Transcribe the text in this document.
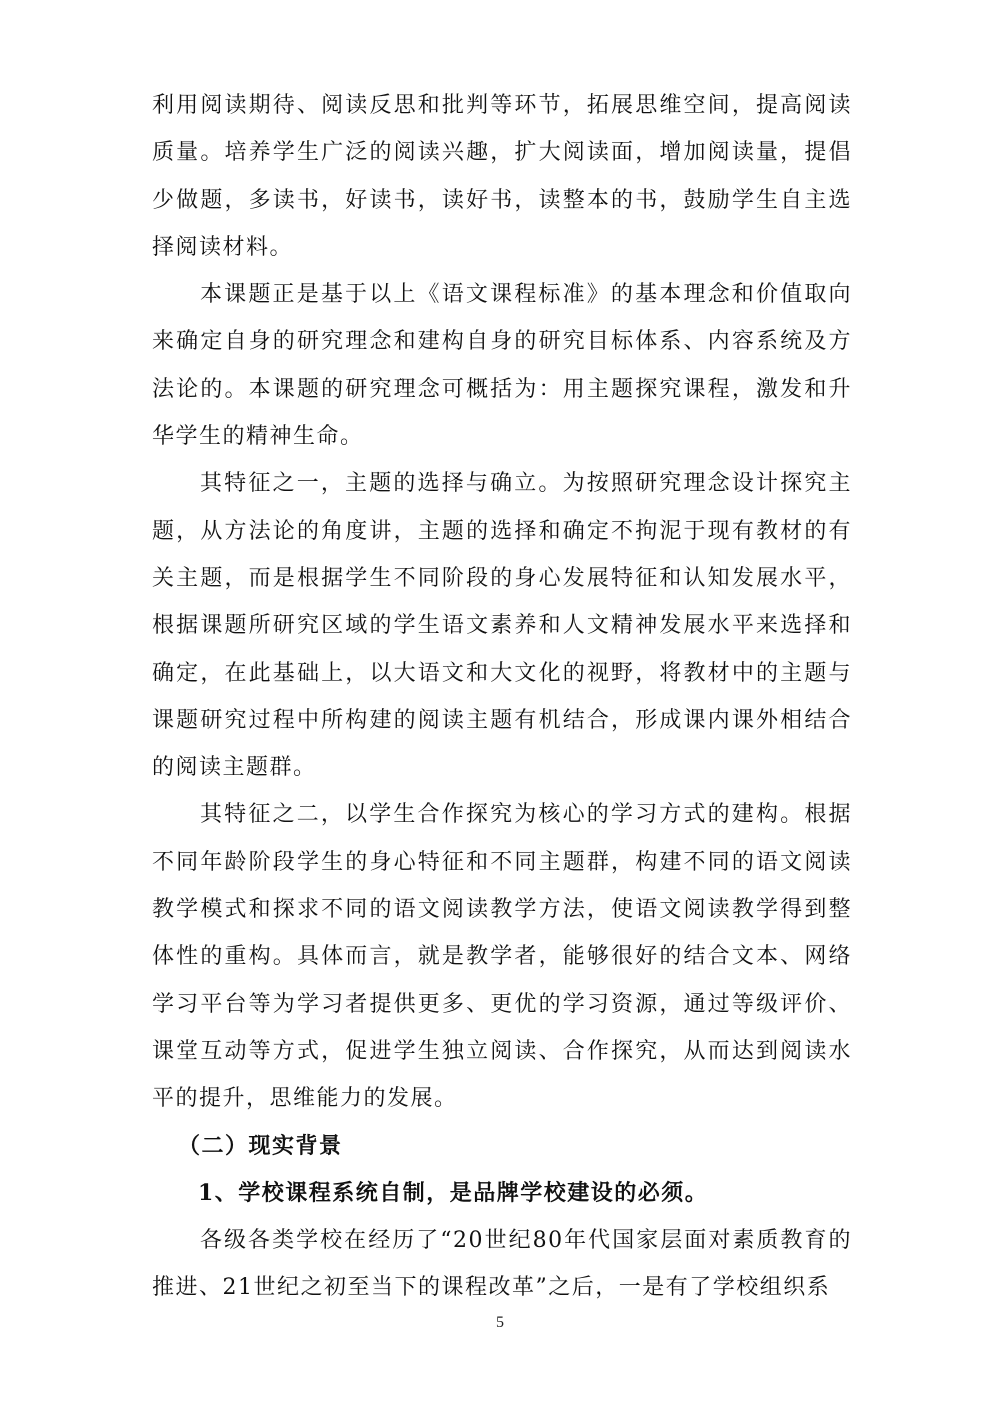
利用阅读期待、阅读反思和批判等环节，拓展思维空间，提高阅读质量。培养学生广泛的阅读兴趣，扩大阅读面，增加阅读量，提倡少做题，多读书，好读书，读好书，读整本的书，鼓励学生自主选择阅读材料。

本课题正是基于以上《语文课程标准》的基本理念和价值取向来确定自身的研究理念和建构自身的研究目标体系、内容系统及方法论的。本课题的研究理念可概括为：用主题探究课程，激发和升华学生的精神生命。

其特征之一，主题的选择与确立。为按照研究理念设计探究主题，从方法论的角度讲，主题的选择和确定不拘泥于现有教材的有关主题，而是根据学生不同阶段的身心发展特征和认知发展水平，根据课题所研究区域的学生语文素养和人文精神发展水平来选择和确定，在此基础上，以大语文和大文化的视野，将教材中的主题与课题研究过程中所构建的阅读主题有机结合，形成课内课外相结合的阅读主题群。

其特征之二，以学生合作探究为核心的学习方式的建构。根据不同年龄阶段学生的身心特征和不同主题群，构建不同的语文阅读教学模式和探求不同的语文阅读教学方法，使语文阅读教学得到整体性的重构。具体而言，就是教学者，能够很好的结合文本、网络学习平台等为学习者提供更多、更优的学习资源，通过等级评价、课堂互动等方式，促进学生独立阅读、合作探究，从而达到阅读水平的提升，思维能力的发展。

（二）现实背景
1、学校课程系统自制，是品牌学校建设的必须。

各级各类学校在经历了“20世纪80年代国家层面对素质教育的推进、21世纪之初至当下的课程改革”之后，一是有了学校组织系

5
